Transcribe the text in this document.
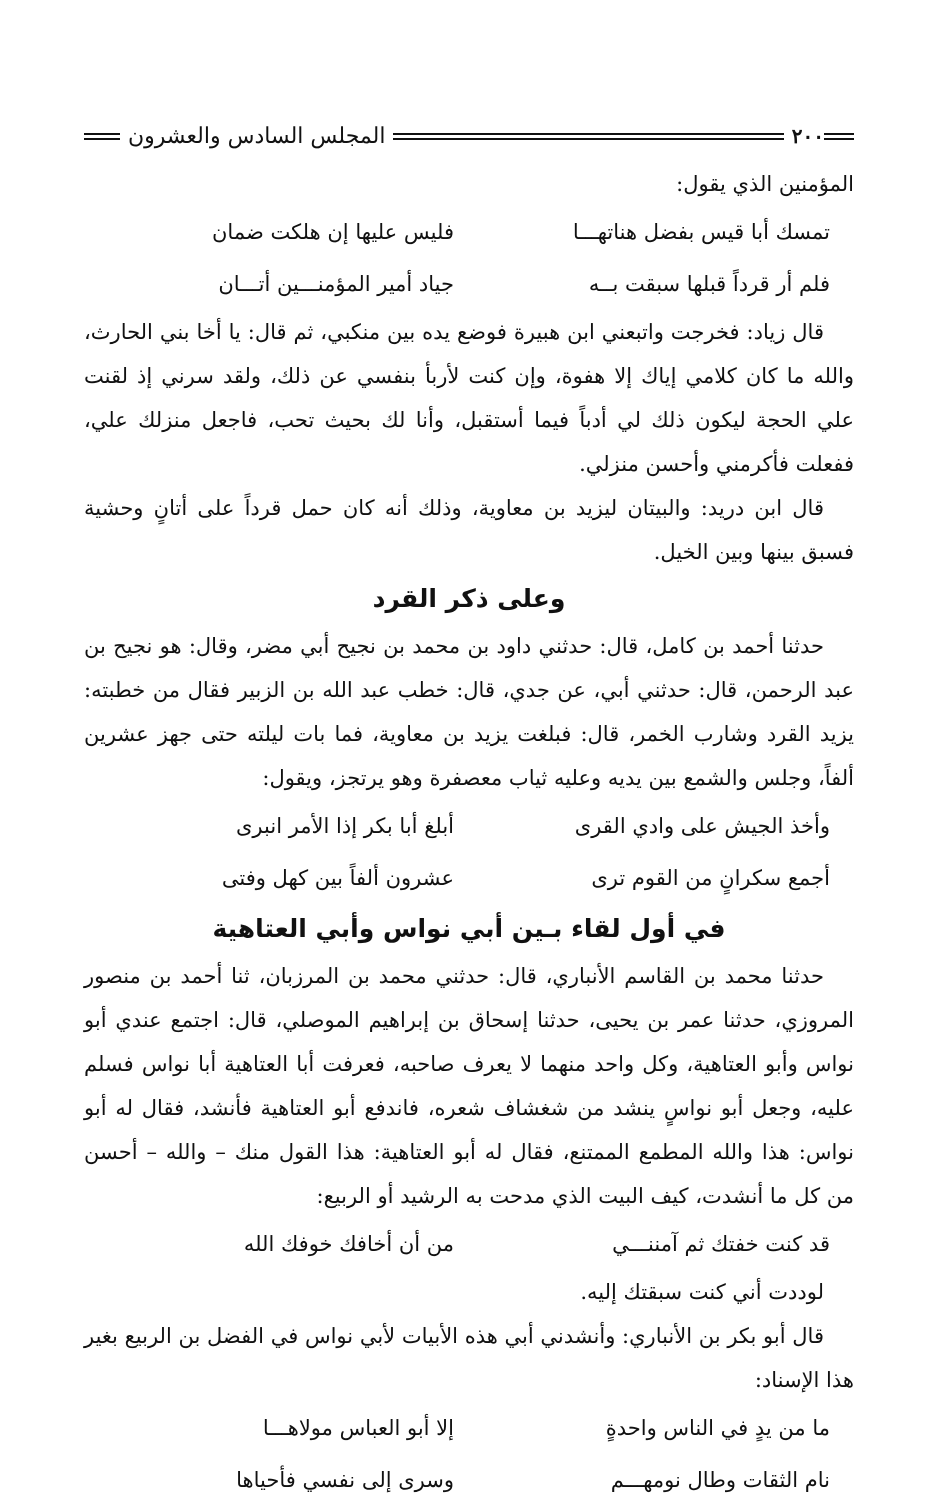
٢٠٠
المجلس السادس والعشرون

المؤمنين الذي يقول:

تمسك أبا قيس بفضل هناتهـــا
فليس عليها إن هلكت ضمان
فلم أر قرداً قبلها سبقت بــه
جياد أمير المؤمنـــين أتـــان

قال زياد: فخرجت واتبعني ابن هبيرة فوضع يده بين منكبي، ثم قال: يا أخا بني الحارث، والله ما كان كلامي إياك إلا هفوة، وإن كنت لأربأ بنفسي عن ذلك، ولقد سرني إذ لقنت علي الحجة ليكون ذلك لي أدباً فيما أستقبل، وأنا لك بحيث تحب، فاجعل منزلك علي، ففعلت فأكرمني وأحسن منزلي.

قال ابن دريد: والبيتان ليزيد بن معاوية، وذلك أنه كان حمل قرداً على أتانٍ وحشية فسبق بينها وبين الخيل.

وعلى ذكر القرد

حدثنا أحمد بن كامل، قال: حدثني داود بن محمد بن نجيح أبي مضر، وقال: هو نجيح بن عبد الرحمن، قال: حدثني أبي، عن جدي، قال: خطب عبد الله بن الزبير فقال من خطبته: يزيد القرد وشارب الخمر، قال: فبلغت يزيد بن معاوية، فما بات ليلته حتى جهز عشرين ألفاً، وجلس والشمع بين يديه وعليه ثياب معصفرة وهو يرتجز، ويقول:

وأخذ الجيش على وادي القرى
أبلغ أبا بكر إذا الأمر انبرى
أجمع سكرانٍ من القوم ترى
عشرون ألفاً بين كهل وفتى
في أول لقاء بـين أبي نواس وأبي العتاهية

حدثنا محمد بن القاسم الأنباري، قال: حدثني محمد بن المرزبان، ثنا أحمد بن منصور المروزي، حدثنا عمر بن يحيى، حدثنا إسحاق بن إبراهيم الموصلي، قال: اجتمع عندي أبو نواس وأبو العتاهية، وكل واحد منهما لا يعرف صاحبه، فعرفت أبا العتاهية أبا نواس فسلم عليه، وجعل أبو نواسٍ ينشد من شغشاف شعره، فاندفع أبو العتاهية فأنشد، فقال له أبو نواس: هذا والله المطمع الممتنع، فقال له أبو العتاهية: هذا القول منك – والله – أحسن من كل ما أنشدت، كيف البيت الذي مدحت به الرشيد أو الربيع:

قد كنت خفتك ثم آمننـــي
من أن أخافك خوفك الله

لوددت أني كنت سبقتك إليه.

قال أبو بكر بن الأنباري: وأنشدني أبي هذه الأبيات لأبي نواس في الفضل بن الربيع بغير هذا الإسناد:

ما من يدٍ في الناس واحدةٍ
إلا أبو العباس مولاهـــا
نام الثقات وطال نومهـــم
وسرى إلى نفسي فأحياها
